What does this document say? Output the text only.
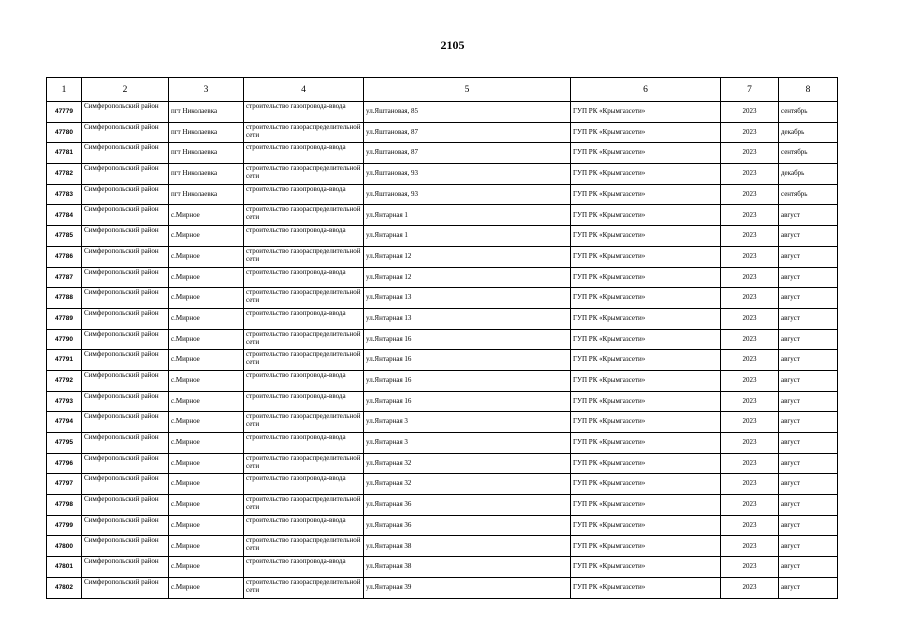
2105
1	2	3	4	5	6	7	8
47779	Симферопольский район	пгт Николаевка	строительство газопровода-ввода	ул.Яштановая, 85	ГУП РК «Крымгазсети»	2023	сентябрь
47780	Симферопольский район	пгт Николаевка	строительство газораспределительной сети	ул.Яштановая, 87	ГУП РК «Крымгазсети»	2023	декабрь
47781	Симферопольский район	пгт Николаевка	строительство газопровода-ввода	ул.Яштановая, 87	ГУП РК «Крымгазсети»	2023	сентябрь
47782	Симферопольский район	пгт Николаевка	строительство газораспределительной сети	ул.Яштановая, 93	ГУП РК «Крымгазсети»	2023	декабрь
47783	Симферопольский район	пгт Николаевка	строительство газопровода-ввода	ул.Яштановая, 93	ГУП РК «Крымгазсети»	2023	сентябрь
47784	Симферопольский район	с.Мирное	строительство газораспределительной сети	ул.Янтарная 1	ГУП РК «Крымгазсети»	2023	август
47785	Симферопольский район	с.Мирное	строительство газопровода-ввода	ул.Янтарная 1	ГУП РК «Крымгазсети»	2023	август
47786	Симферопольский район	с.Мирное	строительство газораспределительной сети	ул.Янтарная 12	ГУП РК «Крымгазсети»	2023	август
47787	Симферопольский район	с.Мирное	строительство газопровода-ввода	ул.Янтарная 12	ГУП РК «Крымгазсети»	2023	август
47788	Симферопольский район	с.Мирное	строительство газораспределительной сети	ул.Янтарная 13	ГУП РК «Крымгазсети»	2023	август
47789	Симферопольский район	с.Мирное	строительство газопровода-ввода	ул.Янтарная 13	ГУП РК «Крымгазсети»	2023	август
47790	Симферопольский район	с.Мирное	строительство газораспределительной сети	ул.Янтарная 16	ГУП РК «Крымгазсети»	2023	август
47791	Симферопольский район	с.Мирное	строительство газораспределительной сети	ул.Янтарная 16	ГУП РК «Крымгазсети»	2023	август
47792	Симферопольский район	с.Мирное	строительство газопровода-ввода	ул.Янтарная 16	ГУП РК «Крымгазсети»	2023	август
47793	Симферопольский район	с.Мирное	строительство газопровода-ввода	ул.Янтарная 16	ГУП РК «Крымгазсети»	2023	август
47794	Симферопольский район	с.Мирное	строительство газораспределительной сети	ул.Янтарная 3	ГУП РК «Крымгазсети»	2023	август
47795	Симферопольский район	с.Мирное	строительство газопровода-ввода	ул.Янтарная 3	ГУП РК «Крымгазсети»	2023	август
47796	Симферопольский район	с.Мирное	строительство газораспределительной сети	ул.Янтарная 32	ГУП РК «Крымгазсети»	2023	август
47797	Симферопольский район	с.Мирное	строительство газопровода-ввода	ул.Янтарная 32	ГУП РК «Крымгазсети»	2023	август
47798	Симферопольский район	с.Мирное	строительство газораспределительной сети	ул.Янтарная 36	ГУП РК «Крымгазсети»	2023	август
47799	Симферопольский район	с.Мирное	строительство газопровода-ввода	ул.Янтарная 36	ГУП РК «Крымгазсети»	2023	август
47800	Симферопольский район	с.Мирное	строительство газораспределительной сети	ул.Янтарная 38	ГУП РК «Крымгазсети»	2023	август
47801	Симферопольский район	с.Мирное	строительство газопровода-ввода	ул.Янтарная 38	ГУП РК «Крымгазсети»	2023	август
47802	Симферопольский район	с.Мирное	строительство газораспределительной сети	ул.Янтарная 39	ГУП РК «Крымгазсети»	2023	август
